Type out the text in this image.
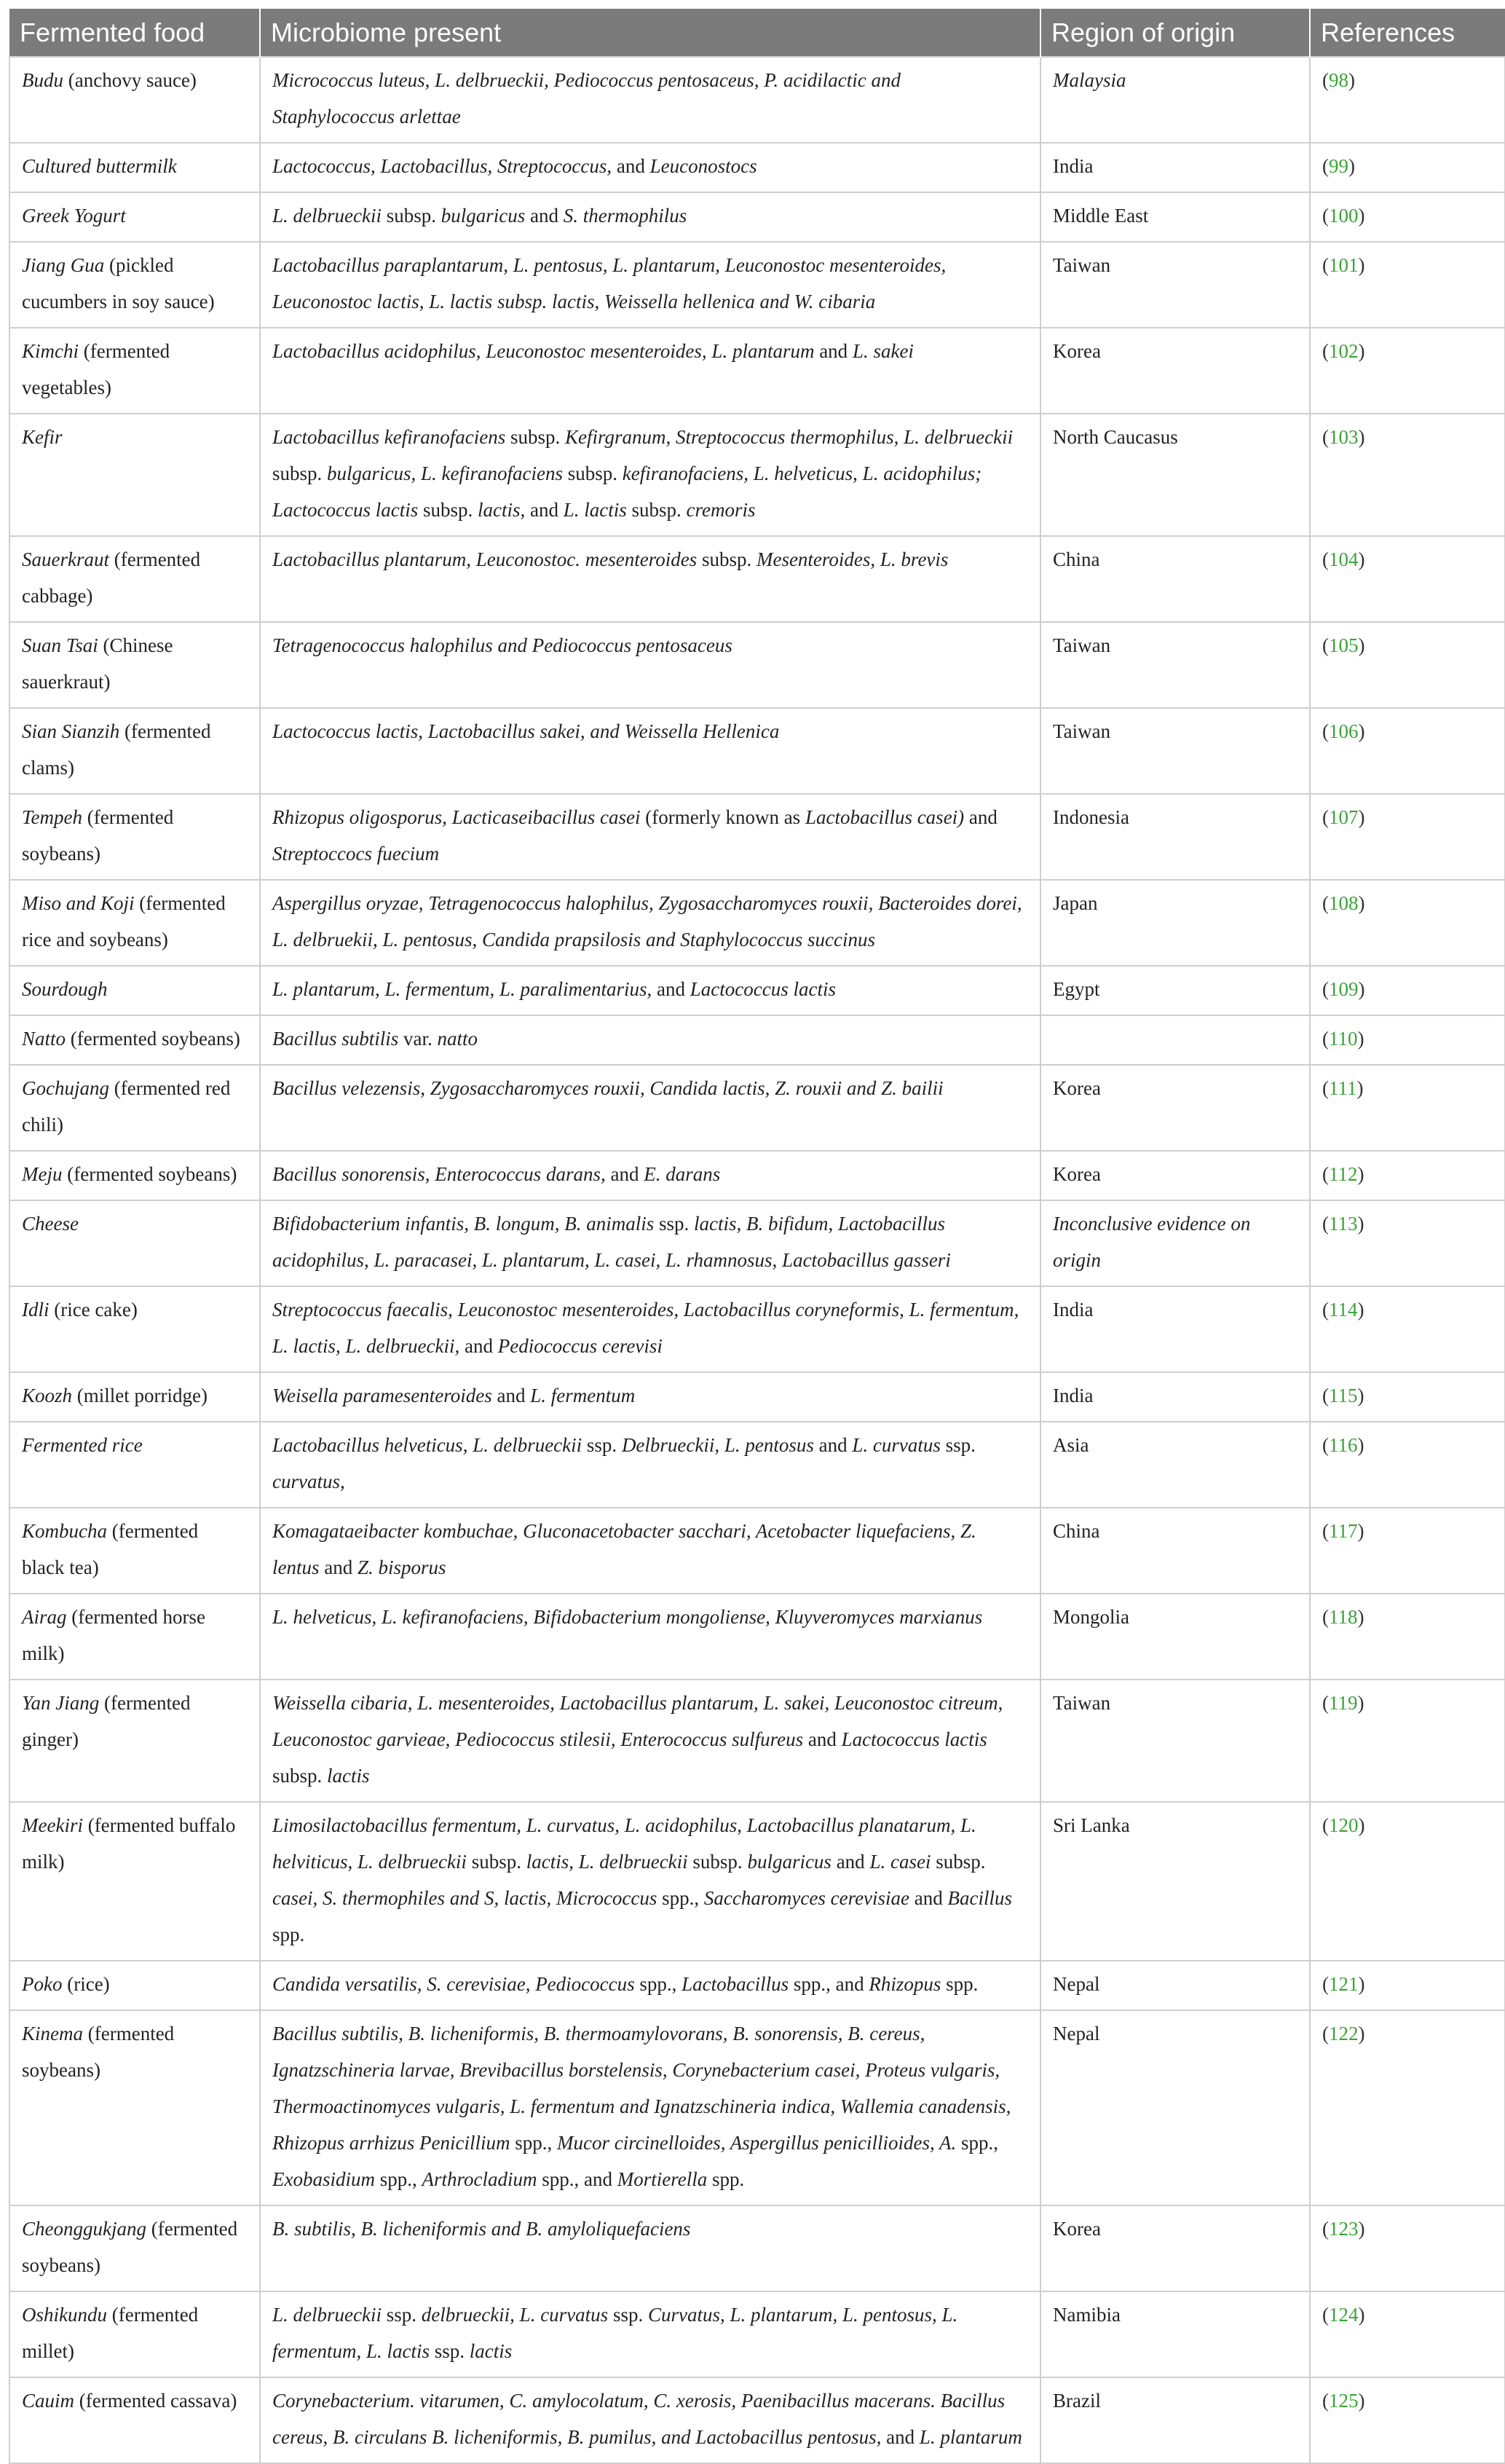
Fermented food	Microbiome present	Region of origin	References
Budu (anchovy sauce)	Micrococcus luteus, L. delbrueckii, Pediococcus pentosaceus, P. acidilactic and Staphylococcus arlettae	Malaysia	(98)
Cultured buttermilk	Lactococcus, Lactobacillus, Streptococcus, and Leuconostocs	India	(99)
Greek Yogurt	L. delbrueckii subsp. bulgaricus and S. thermophilus	Middle East	(100)
Jiang Gua (pickled cucumbers in soy sauce)	Lactobacillus paraplantarum, L. pentosus, L. plantarum, Leuconostoc mesenteroides, Leuconostoc lactis, L. lactis subsp. lactis, Weissella hellenica and W. cibaria	Taiwan	(101)
Kimchi (fermented vegetables)	Lactobacillus acidophilus, Leuconostoc mesenteroides, L. plantarum and L. sakei	Korea	(102)
Kefir	Lactobacillus kefiranofaciens subsp. Kefirgranum, Streptococcus thermophilus, L. delbrueckii subsp. bulgaricus, L. kefiranofaciens subsp. kefiranofaciens, L. helveticus, L. acidophilus; Lactococcus lactis subsp. lactis, and L. lactis subsp. cremoris	North Caucasus	(103)
Sauerkraut (fermented cabbage)	Lactobacillus plantarum, Leuconostoc. mesenteroides subsp. Mesenteroides, L. brevis	China	(104)
Suan Tsai (Chinese sauerkraut)	Tetragenococcus halophilus and Pediococcus pentosaceus	Taiwan	(105)
Sian Sianzih (fermented clams)	Lactococcus lactis, Lactobacillus sakei, and Weissella Hellenica	Taiwan	(106)
Tempeh (fermented soybeans)	Rhizopus oligosporus, Lacticaseibacillus casei (formerly known as Lactobacillus casei) and Streptoccocs fuecium	Indonesia	(107)
Miso and Koji (fermented rice and soybeans)	Aspergillus oryzae, Tetragenococcus halophilus, Zygosaccharomyces rouxii, Bacteroides dorei, L. delbruekii, L. pentosus, Candida prapsilosis and Staphylococcus succinus	Japan	(108)
Sourdough	L. plantarum, L. fermentum, L. paralimentarius, and Lactococcus lactis	Egypt	(109)
Natto (fermented soybeans)	Bacillus subtilis var. natto		(110)
Gochujang (fermented red chili)	Bacillus velezensis, Zygosaccharomyces rouxii, Candida lactis, Z. rouxii and Z. bailii	Korea	(111)
Meju (fermented soybeans)	Bacillus sonorensis, Enterococcus darans, and E. darans	Korea	(112)
Cheese	Bifidobacterium infantis, B. longum, B. animalis ssp. lactis, B. bifidum, Lactobacillus acidophilus, L. paracasei, L. plantarum, L. casei, L. rhamnosus, Lactobacillus gasseri	Inconclusive evidence on origin	(113)
Idli (rice cake)	Streptococcus faecalis, Leuconostoc mesenteroides, Lactobacillus coryneformis, L. fermentum, L. lactis, L. delbrueckii, and Pediococcus cerevisi	India	(114)
Koozh (millet porridge)	Weisella paramesenteroides and L. fermentum	India	(115)
Fermented rice	Lactobacillus helveticus, L. delbrueckii ssp. Delbrueckii, L. pentosus and L. curvatus ssp. curvatus,	Asia	(116)
Kombucha (fermented black tea)	Komagataeibacter kombuchae, Gluconacetobacter sacchari, Acetobacter liquefaciens, Z. lentus and Z. bisporus	China	(117)
Airag (fermented horse milk)	L. helveticus, L. kefiranofaciens, Bifidobacterium mongoliense, Kluyveromyces marxianus	Mongolia	(118)
Yan Jiang (fermented ginger)	Weissella cibaria, L. mesenteroides, Lactobacillus plantarum, L. sakei, Leuconostoc citreum, Leuconostoc garvieae, Pediococcus stilesii, Enterococcus sulfureus and Lactococcus lactis subsp. lactis	Taiwan	(119)
Meekiri (fermented buffalo milk)	Limosilactobacillus fermentum, L. curvatus, L. acidophilus, Lactobacillus planatarum, L. helviticus, L. delbrueckii subsp. lactis, L. delbrueckii subsp. bulgaricus and L. casei subsp. casei, S. thermophiles and S, lactis, Micrococcus spp., Saccharomyces cerevisiae and Bacillus spp.	Sri Lanka	(120)
Poko (rice)	Candida versatilis, S. cerevisiae, Pediococcus spp., Lactobacillus spp., and Rhizopus spp.	Nepal	(121)
Kinema (fermented soybeans)	Bacillus subtilis, B. licheniformis, B. thermoamylovorans, B. sonorensis, B. cereus, Ignatzschineria larvae, Brevibacillus borstelensis, Corynebacterium casei, Proteus vulgaris, Thermoactinomyces vulgaris, L. fermentum and Ignatzschineria indica, Wallemia canadensis, Rhizopus arrhizus Penicillium spp., Mucor circinelloides, Aspergillus penicillioides, A. spp., Exobasidium spp., Arthrocladium spp., and Mortierella spp.	Nepal	(122)
Cheonggukjang (fermented soybeans)	B. subtilis, B. licheniformis and B. amyloliquefaciens	Korea	(123)
Oshikundu (fermented millet)	L. delbrueckii ssp. delbrueckii, L. curvatus ssp. Curvatus, L. plantarum, L. pentosus, L. fermentum, L. lactis ssp. lactis	Namibia	(124)
Cauim (fermented cassava)	Corynebacterium. vitarumen, C. amylocolatum, C. xerosis, Paenibacillus macerans. Bacillus cereus, B. circulans B. licheniformis, B. pumilus, and Lactobacillus pentosus, and L. plantarum	Brazil	(125)
